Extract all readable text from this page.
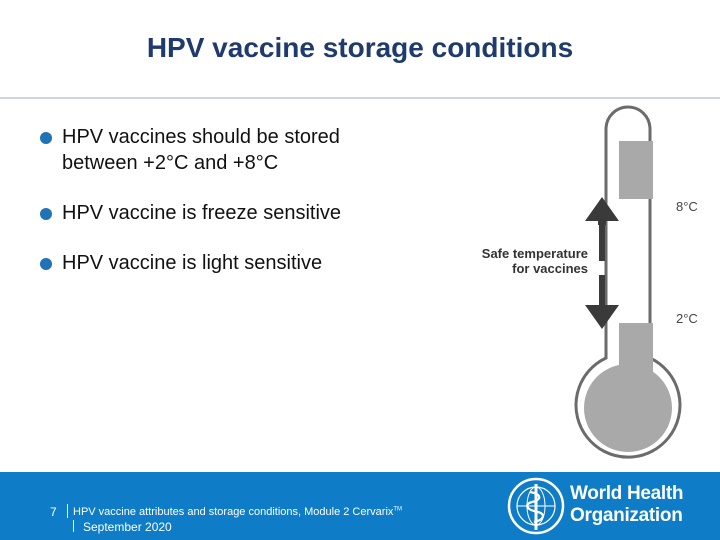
HPV vaccine storage conditions
HPV vaccines should be stored
between +2°C and +8°C
HPV vaccine is freeze sensitive
HPV vaccine is light sensitive
8°C
2°C
Safe temperature
for vaccines
7 HPV vaccine attributes and storage conditions, Module 2 Cervarix™
September 2020
World Health
Organization
